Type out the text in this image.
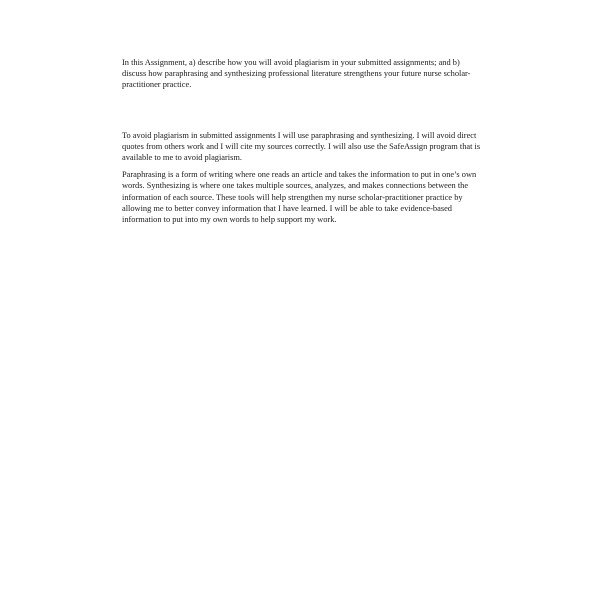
In this Assignment, a) describe how you will avoid plagiarism in your submitted assignments; and b) discuss how paraphrasing and synthesizing professional literature strengthens your future nurse scholar-practitioner practice.

To avoid plagiarism in submitted assignments I will use paraphrasing and synthesizing. I will avoid direct quotes from others work and I will cite my sources correctly. I will also use the SafeAssign program that is available to me to avoid plagiarism.

Paraphrasing is a form of writing where one reads an article and takes the information to put in one’s own words. Synthesizing is where one takes multiple sources, analyzes, and makes connections between the information of each source. These tools will help strengthen my nurse scholar-practitioner practice by allowing me to better convey information that I have learned. I will be able to take evidence-based information to put into my own words to help support my work.
